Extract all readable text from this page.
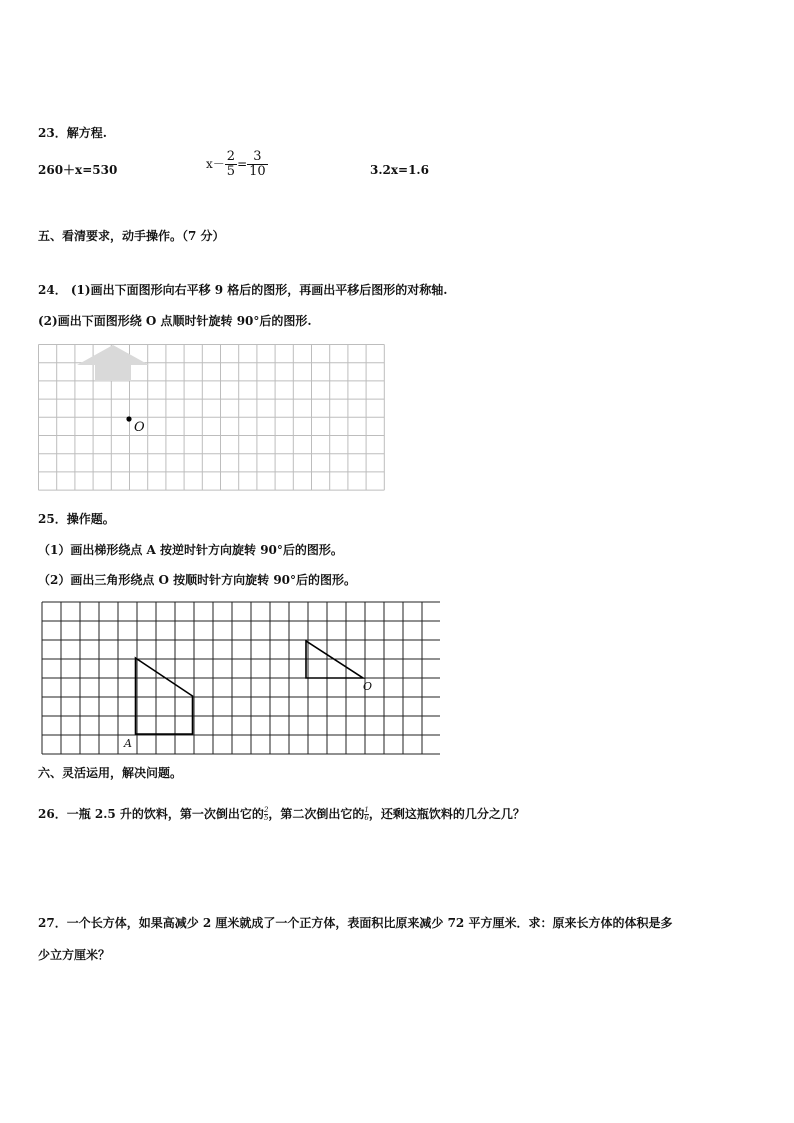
23．解方程.
260＋x=530	$x- \frac{2}{5} = \frac{3}{10}$	3.2x=1.6
五、看清要求，动手操作。（7 分）
24． (1)画出下面图形向右平移 9 格后的图形，再画出平移后图形的对称轴.
(2)画出下面图形绕 O 点顺时针旋转 90°后的图形.
O
25．操作题。
（1）画出梯形绕点 A 按逆时针方向旋转 90°后的图形。
（2）画出三角形绕点 O 按顺时针方向旋转 90°后的图形。
A
O
六、灵活运用，解决问题。
26．一瓶 2.5 升的饮料，第一次倒出它的 $\frac{2}{5}$ ，第二次倒出它的 $\frac{1}{6}$ ，还剩这瓶饮料的几分之几？
27．一个长方体，如果高减少 2 厘米就成了一个正方体，表面积比原来减少 72 平方厘米．求：原来长方体的体积是多
少立方厘米？
